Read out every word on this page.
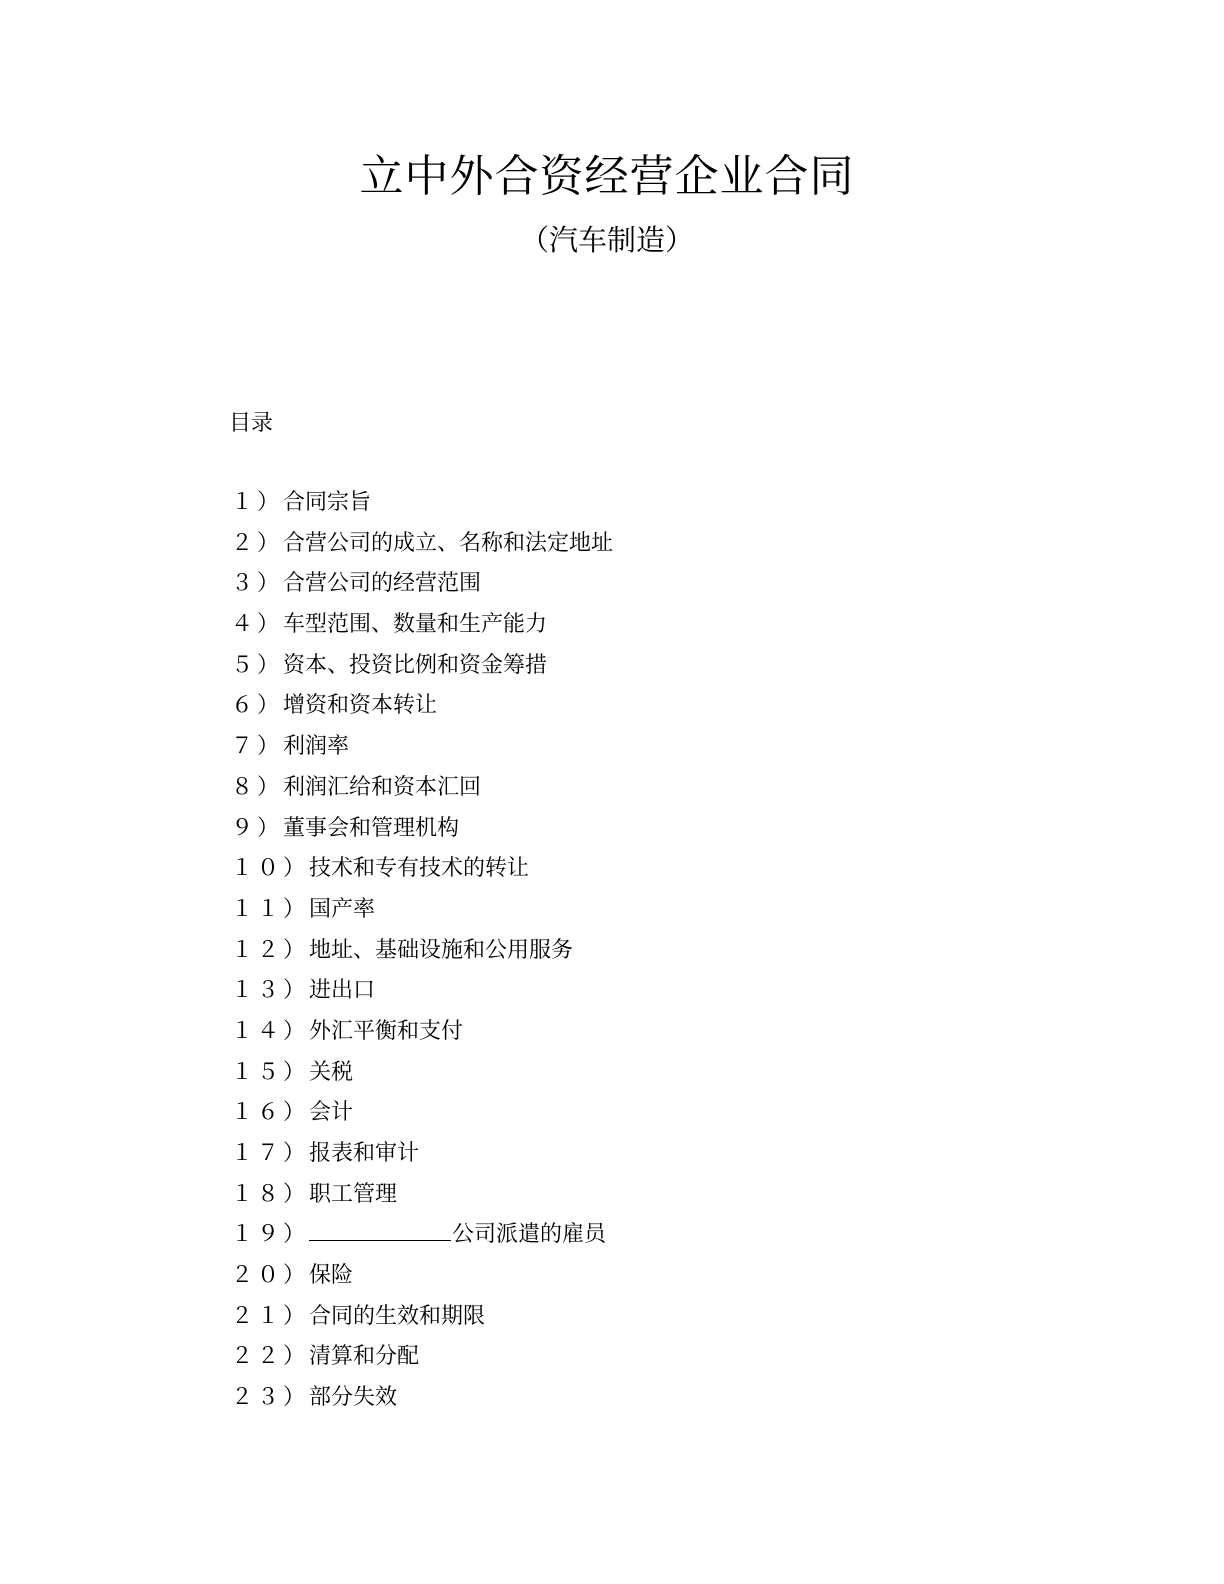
立中外合资经营企业合同
（汽车制造）
目录
１）合同宗旨
２）合营公司的成立、名称和法定地址
３）合营公司的经营范围
４）车型范围、数量和生产能力
５）资本、投资比例和资金筹措
６）增资和资本转让
７）利润率
８）利润汇给和资本汇回
９）董事会和管理机构
１０）技术和专有技术的转让
１１）国产率
１２）地址、基础设施和公用服务
１３）进出口
１４）外汇平衡和支付
１５）关税
１６）会计
１７）报表和审计
１８）职工管理
１９）	公司派遣的雇员
２０）保险
２１）合同的生效和期限
２２）清算和分配
２３）部分失效
